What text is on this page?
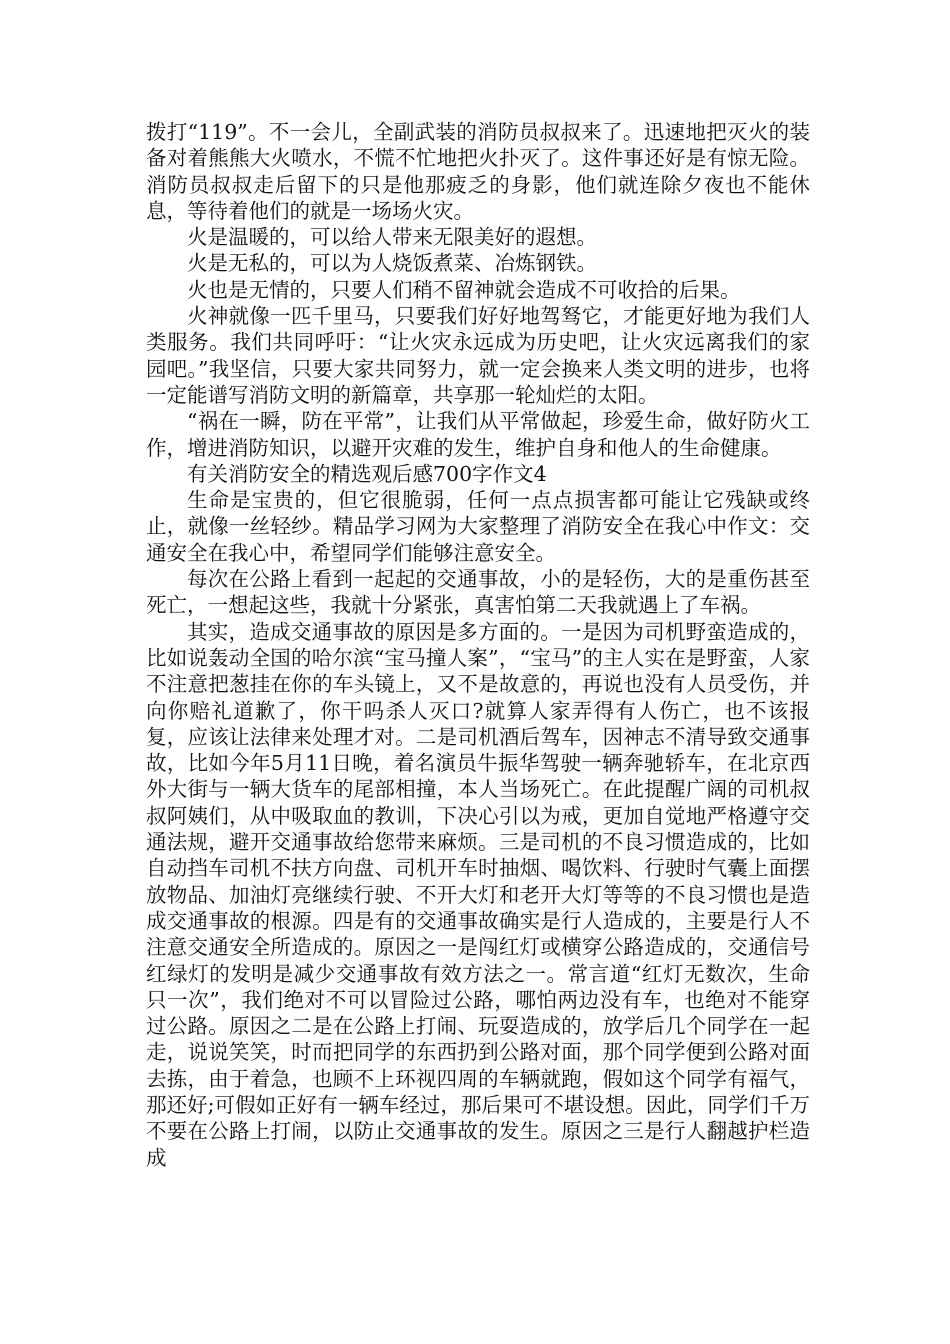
拨打“119”。不一会儿，全副武装的消防员叔叔来了。迅速地把灭火的装备对着熊熊大火喷水，不慌不忙地把火扑灭了。这件事还好是有惊无险。消防员叔叔走后留下的只是他那疲乏的身影，他们就连除夕夜也不能休息，等待着他们的就是一场场火灾。

火是温暖的，可以给人带来无限美好的遐想。

火是无私的，可以为人烧饭煮菜、冶炼钢铁。

火也是无情的，只要人们稍不留神就会造成不可收拾的后果。

火神就像一匹千里马，只要我们好好地驾驽它，才能更好地为我们人类服务。我们共同呼吁：“让火灾永远成为历史吧，让火灾远离我们的家园吧。”我坚信，只要大家共同努力，就一定会换来人类文明的进步，也将一定能谱写消防文明的新篇章，共享那一轮灿烂的太阳。

“祸在一瞬，防在平常”，让我们从平常做起，珍爱生命，做好防火工作，增进消防知识，以避开灾难的发生，维护自身和他人的生命健康。

有关消防安全的精选观后感700字作文4

生命是宝贵的，但它很脆弱，任何一点点损害都可能让它残缺或终止，就像一丝轻纱。精品学习网为大家整理了消防安全在我心中作文：交通安全在我心中，希望同学们能够注意安全。

每次在公路上看到一起起的交通事故，小的是轻伤，大的是重伤甚至死亡，一想起这些，我就十分紧张，真害怕第二天我就遇上了车祸。

其实，造成交通事故的原因是多方面的。一是因为司机野蛮造成的，比如说轰动全国的哈尔滨“宝马撞人案”，“宝马”的主人实在是野蛮，人家不注意把葱挂在你的车头镜上，又不是故意的，再说也没有人员受伤，并向你赔礼道歉了，你干吗杀人灭口?就算人家弄得有人伤亡，也不该报复，应该让法律来处理才对。二是司机酒后驾车，因神志不清导致交通事故，比如今年5月11日晚，着名演员牛振华驾驶一辆奔驰轿车，在北京西外大街与一辆大货车的尾部相撞，本人当场死亡。在此提醒广阔的司机叔叔阿姨们，从中吸取血的教训，下决心引以为戒，更加自觉地严格遵守交通法规，避开交通事故给您带来麻烦。三是司机的不良习惯造成的，比如自动挡车司机不扶方向盘、司机开车时抽烟、喝饮料、行驶时气囊上面摆放物品、加油灯亮继续行驶、不开大灯和老开大灯等等的不良习惯也是造成交通事故的根源。四是有的交通事故确实是行人造成的，主要是行人不注意交通安全所造成的。原因之一是闯红灯或横穿公路造成的，交通信号红绿灯的发明是减少交通事故有效方法之一。常言道“红灯无数次，生命只一次”，我们绝对不可以冒险过公路，哪怕两边没有车，也绝对不能穿过公路。原因之二是在公路上打闹、玩耍造成的，放学后几个同学在一起走，说说笑笑，时而把同学的东西扔到公路对面，那个同学便到公路对面去拣，由于着急，也顾不上环视四周的车辆就跑，假如这个同学有福气，那还好;可假如正好有一辆车经过，那后果可不堪设想。因此，同学们千万不要在公路上打闹，以防止交通事故的发生。原因之三是行人翻越护栏造成
